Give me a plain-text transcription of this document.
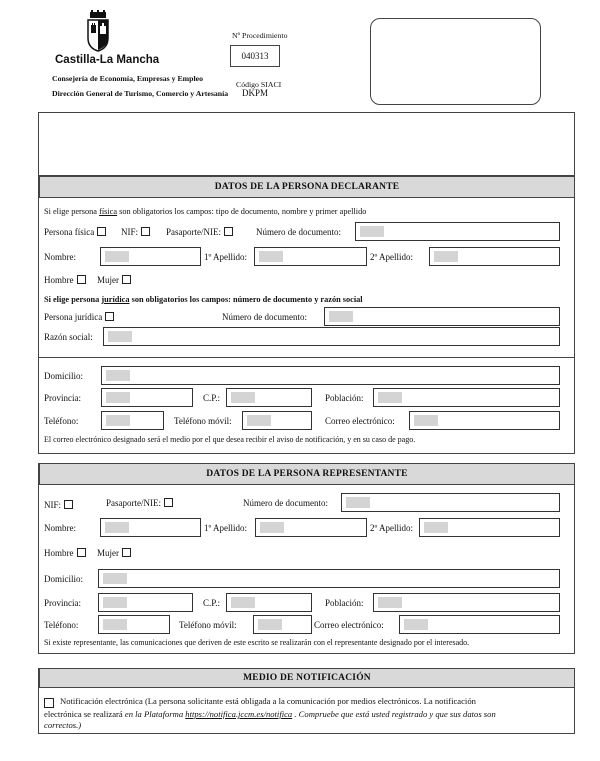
Castilla-La Mancha
Consejería de Economía, Empresas y Empleo
Dirección General de Turismo, Comercio y Artesanía
Nº Procedimiento
040313
Código SIACI
DKPM
DATOS DE LA PERSONA DECLARANTE
Si elige persona física son obligatorios los campos: tipo de documento, nombre y primer apellido
Persona física	NIF:	Pasaporte/NIE:	Número de documento:
Nombre:	1º Apellido:	2º Apellido:
Hombre	Mujer
Si elige persona jurídica son obligatorios los campos: número de documento y razón social
Persona jurídica	Número de documento:
Razón social:
Domicilio:
Provincia:	C.P.:	Población:
Teléfono:	Teléfono móvil:	Correo electrónico:
El correo electrónico designado será el medio por el que desea recibir el aviso de notificación, y en su caso de pago.
DATOS DE LA PERSONA REPRESENTANTE
NIF:	Pasaporte/NIE:	Número de documento:
Nombre:	1º Apellido:	2º Apellido:
Hombre	Mujer
Domicilio:
Provincia:	C.P.:	Población:
Teléfono:	Teléfono móvil:	Correo electrónico:
Si existe representante, las comunicaciones que deriven de este escrito se realizarán con el representante designado por el interesado.
MEDIO DE NOTIFICACIÓN
Notificación electrónica (La persona solicitante está obligada a la comunicación por medios electrónicos. La notificación
electrónica se realizará en la Plataforma https://notifica.jccm.es/notifica . Compruebe que está usted registrado y que sus datos son
correctos.)
